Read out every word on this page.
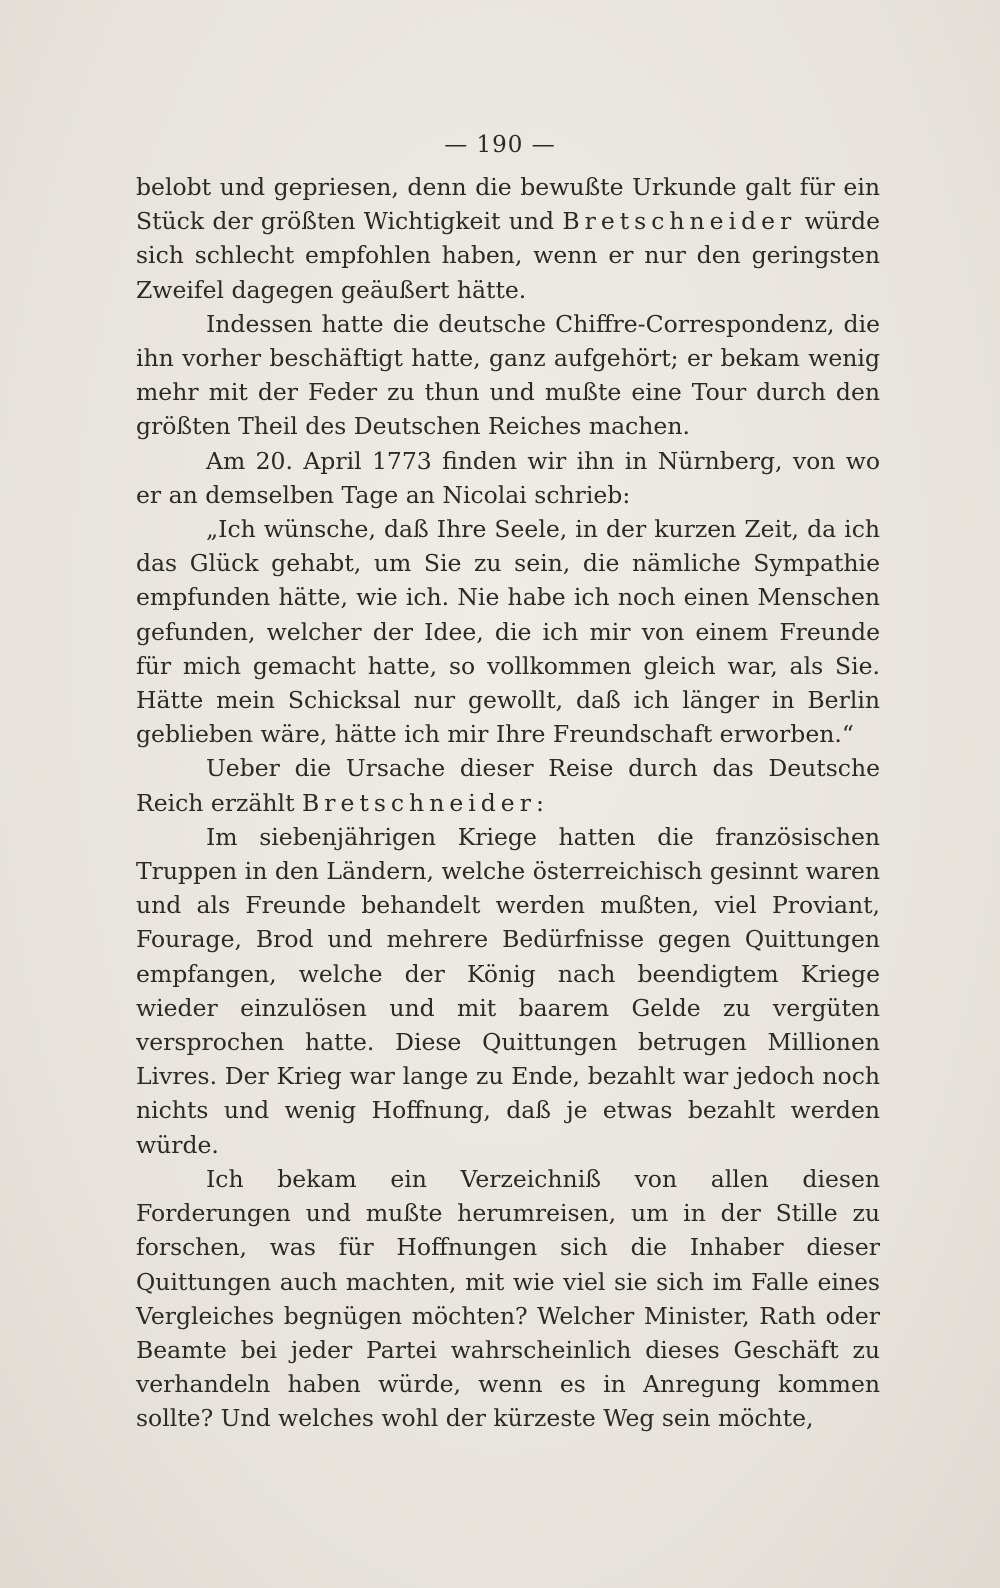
— 190 —

belobt und gepriesen, denn die bewußte Urkunde galt für ein Stück der größten Wichtigkeit und Bretschneider würde sich schlecht empfohlen haben, wenn er nur den geringsten Zweifel dagegen geäußert hätte.

Indessen hatte die deutsche Chiffre-Correspondenz, die ihn vorher beschäftigt hatte, ganz aufgehört; er bekam wenig mehr mit der Feder zu thun und mußte eine Tour durch den größten Theil des Deutschen Reiches machen.

Am 20. April 1773 finden wir ihn in Nürnberg, von wo er an demselben Tage an Nicolai schrieb:

„Ich wünsche, daß Ihre Seele, in der kurzen Zeit, da ich das Glück gehabt, um Sie zu sein, die nämliche Sympathie empfunden hätte, wie ich. Nie habe ich noch einen Menschen gefunden, welcher der Idee, die ich mir von einem Freunde für mich gemacht hatte, so vollkommen gleich war, als Sie. Hätte mein Schicksal nur gewollt, daß ich länger in Berlin geblieben wäre, hätte ich mir Ihre Freundschaft erworben.“

Ueber die Ursache dieser Reise durch das Deutsche Reich erzählt Bretschneider:

Im siebenjährigen Kriege hatten die französischen Truppen in den Ländern, welche österreichisch gesinnt waren und als Freunde behandelt werden mußten, viel Proviant, Fourage, Brod und mehrere Bedürfnisse gegen Quittungen empfangen, welche der König nach beendigtem Kriege wieder einzulösen und mit baarem Gelde zu vergüten versprochen hatte. Diese Quittungen betrugen Millionen Livres. Der Krieg war lange zu Ende, bezahlt war jedoch noch nichts und wenig Hoffnung, daß je etwas bezahlt werden würde.

Ich bekam ein Verzeichniß von allen diesen Forderungen und mußte herumreisen, um in der Stille zu forschen, was für Hoffnungen sich die Inhaber dieser Quittungen auch machten, mit wie viel sie sich im Falle eines Vergleiches begnügen möchten? Welcher Minister, Rath oder Beamte bei jeder Partei wahrscheinlich dieses Geschäft zu verhandeln haben würde, wenn es in Anregung kommen sollte? Und welches wohl der kürzeste Weg sein möchte,
